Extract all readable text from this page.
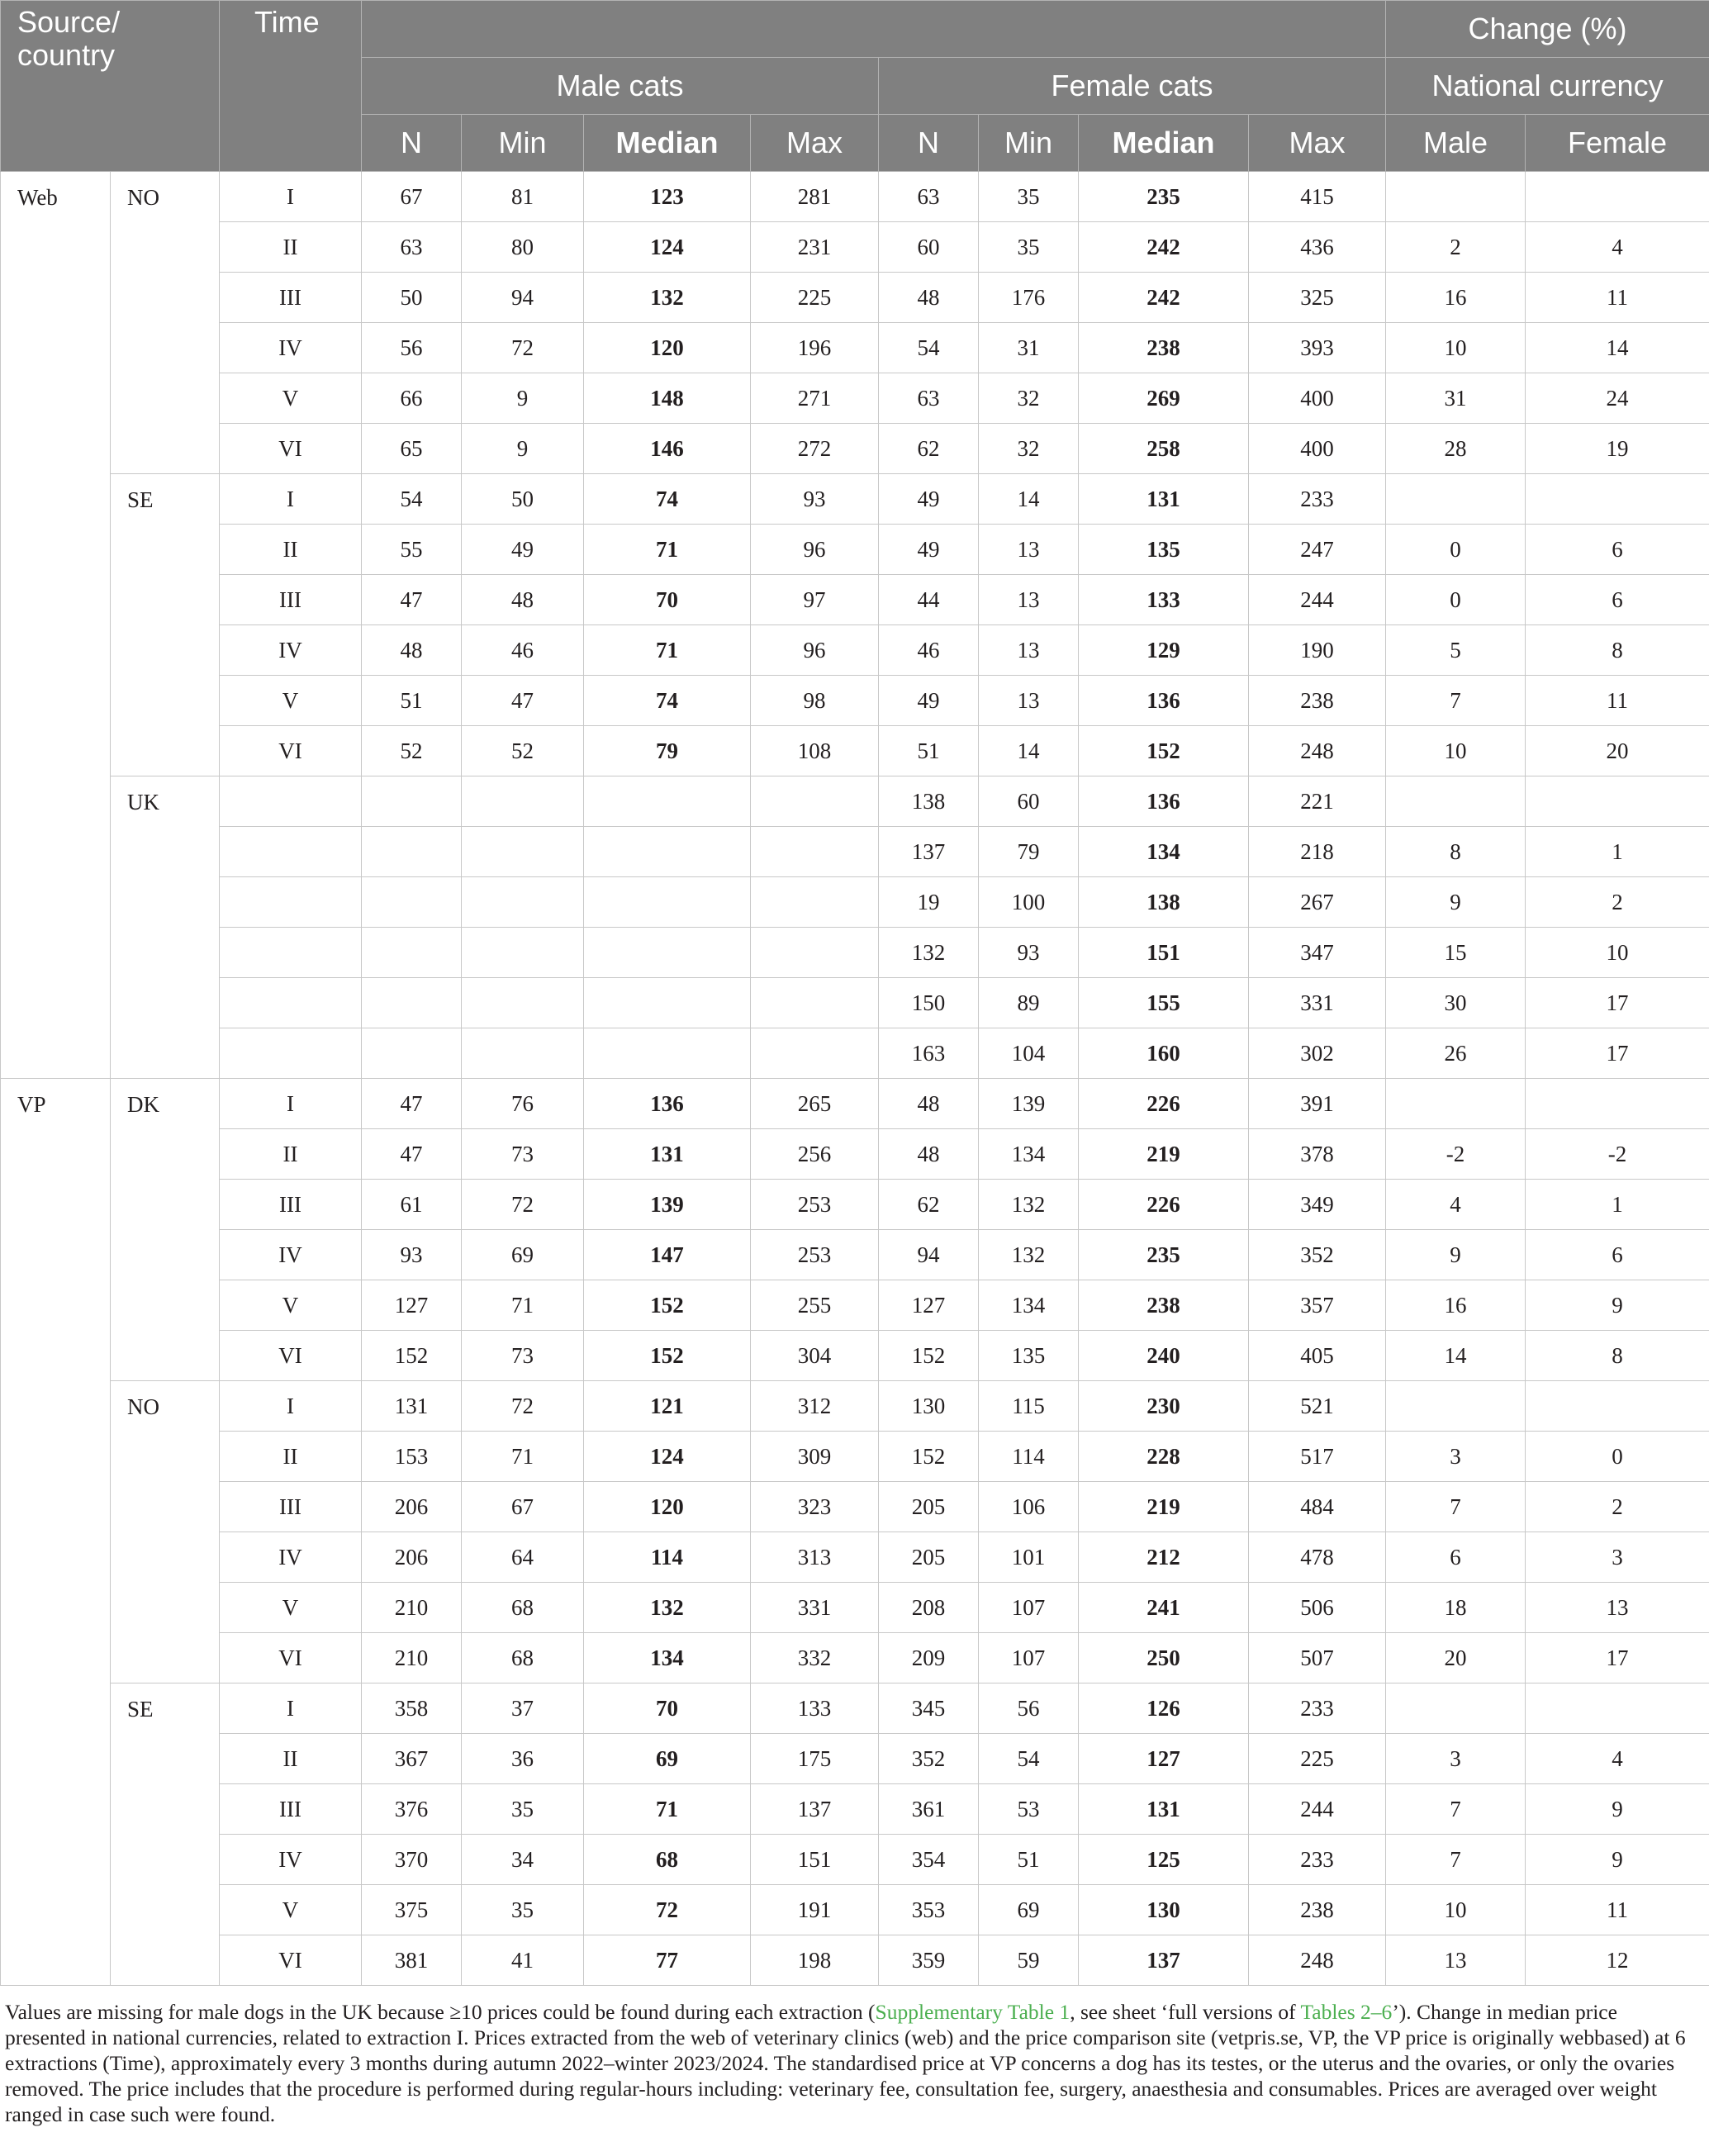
Source/ country		Time									Change (%)	
			Male cats				Female cats				National currency	
			N	Min	Median	Max	N	Min	Median	Max	Male	Female
Web	NO	I	67	81	123	281	63	35	235	415		
		II	63	80	124	231	60	35	242	436	2	4
		III	50	94	132	225	48	176	242	325	16	11
		IV	56	72	120	196	54	31	238	393	10	14
		V	66	9	148	271	63	32	269	400	31	24
		VI	65	9	146	272	62	32	258	400	28	19
	SE	I	54	50	74	93	49	14	131	233		
		II	55	49	71	96	49	13	135	247	0	6
		III	47	48	70	97	44	13	133	244	0	6
		IV	48	46	71	96	46	13	129	190	5	8
		V	51	47	74	98	49	13	136	238	7	11
		VI	52	52	79	108	51	14	152	248	10	20
	UK						138	60	136	221		
							137	79	134	218	8	1
							19	100	138	267	9	2
							132	93	151	347	15	10
							150	89	155	331	30	17
							163	104	160	302	26	17
VP	DK	I	47	76	136	265	48	139	226	391		
		II	47	73	131	256	48	134	219	378	-2	-2
		III	61	72	139	253	62	132	226	349	4	1
		IV	93	69	147	253	94	132	235	352	9	6
		V	127	71	152	255	127	134	238	357	16	9
		VI	152	73	152	304	152	135	240	405	14	8
	NO	I	131	72	121	312	130	115	230	521		
		II	153	71	124	309	152	114	228	517	3	0
		III	206	67	120	323	205	106	219	484	7	2
		IV	206	64	114	313	205	101	212	478	6	3
		V	210	68	132	331	208	107	241	506	18	13
		VI	210	68	134	332	209	107	250	507	20	17
	SE	I	358	37	70	133	345	56	126	233		
		II	367	36	69	175	352	54	127	225	3	4
		III	376	35	71	137	361	53	131	244	7	9
		IV	370	34	68	151	354	51	125	233	7	9
		V	375	35	72	191	353	69	130	238	10	11
		VI	381	41	77	198	359	59	137	248	13	12
Values are missing for male dogs in the UK because ≥10 prices could be found during each extraction (Supplementary Table 1, see sheet ‘full versions of Tables 2–6’). Change in median price presented in national currencies, related to extraction I. Prices extracted from the web of veterinary clinics (web) and the price comparison site (vetpris.se, VP, the VP price is originally webbased) at 6 extractions (Time), approximately every 3 months during autumn 2022–winter 2023/2024. The standardised price at VP concerns a dog has its testes, or the uterus and the ovaries, or only the ovaries removed. The price includes that the procedure is performed during regular-hours including: veterinary fee, consultation fee, surgery, anaesthesia and consumables. Prices are averaged over weight ranged in case such were found.
